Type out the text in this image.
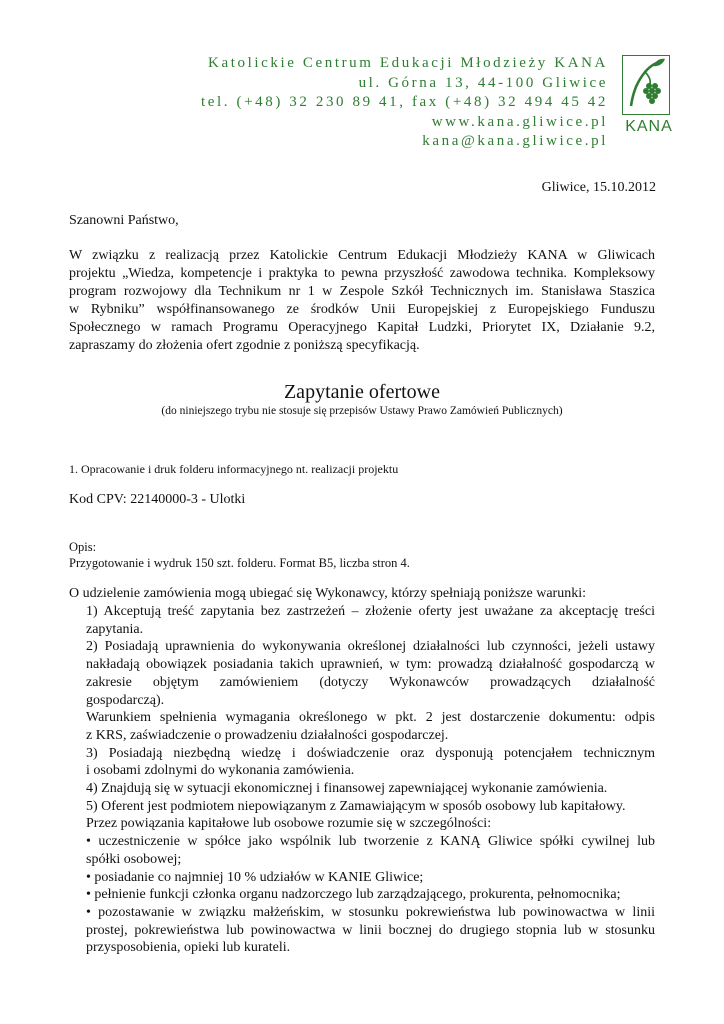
Katolickie Centrum Edukacji Młodzieży KANA
ul. Górna 13, 44-100 Gliwice
tel. (+48) 32 230 89 41, fax (+48) 32 494 45 42
www.kana.gliwice.pl
kana@kana.gliwice.pl
KANA
Gliwice, 15.10.2012
Szanowni Państwo,
W związku z realizacją przez Katolickie Centrum Edukacji Młodzieży KANA w Gliwicach
projektu „Wiedza, kompetencje i praktyka to pewna przyszłość zawodowa technika. Kompleksowy
program rozwojowy dla Technikum nr 1 w Zespole Szkół Technicznych im. Stanisława Staszica
w Rybniku” współfinansowanego ze środków Unii Europejskiej z Europejskiego Funduszu
Społecznego w ramach Programu Operacyjnego Kapitał Ludzki, Priorytet IX, Działanie 9.2,
zapraszamy do złożenia ofert zgodnie z poniższą specyfikacją.
Zapytanie ofertowe
(do niniejszego trybu nie stosuje się przepisów Ustawy Prawo Zamówień Publicznych)
1. Opracowanie i druk folderu informacyjnego nt. realizacji projektu
Kod CPV: 22140000-3 - Ulotki
Opis:
Przygotowanie i wydruk 150 szt. folderu. Format B5, liczba stron 4.
O udzielenie zamówienia mogą ubiegać się Wykonawcy, którzy spełniają poniższe warunki:
1) Akceptują treść zapytania bez zastrzeżeń – złożenie oferty jest uważane za akceptację treści
zapytania.
2) Posiadają uprawnienia do wykonywania określonej działalności lub czynności, jeżeli ustawy
nakładają obowiązek posiadania takich uprawnień, w tym: prowadzą działalność gospodarczą w
zakresie objętym zamówieniem (dotyczy Wykonawców prowadzących działalność
gospodarczą).
Warunkiem spełnienia wymagania określonego w pkt. 2 jest dostarczenie dokumentu: odpis
z KRS, zaświadczenie o prowadzeniu działalności gospodarczej.
3) Posiadają niezbędną wiedzę i doświadczenie oraz dysponują potencjałem technicznym
i osobami zdolnymi do wykonania zamówienia.
4) Znajdują się w sytuacji ekonomicznej i finansowej zapewniającej wykonanie zamówienia.
5) Oferent jest podmiotem niepowiązanym z Zamawiającym w sposób osobowy lub kapitałowy.
Przez powiązania kapitałowe lub osobowe rozumie się w szczególności:
• uczestniczenie w spółce jako wspólnik lub tworzenie z KANĄ Gliwice spółki cywilnej lub
spółki osobowej;
• posiadanie co najmniej 10 % udziałów w KANIE Gliwice;
• pełnienie funkcji członka organu nadzorczego lub zarządzającego, prokurenta, pełnomocnika;
• pozostawanie w związku małżeńskim, w stosunku pokrewieństwa lub powinowactwa w linii
prostej, pokrewieństwa lub powinowactwa w linii bocznej do drugiego stopnia lub w stosunku
przysposobienia, opieki lub kurateli.
